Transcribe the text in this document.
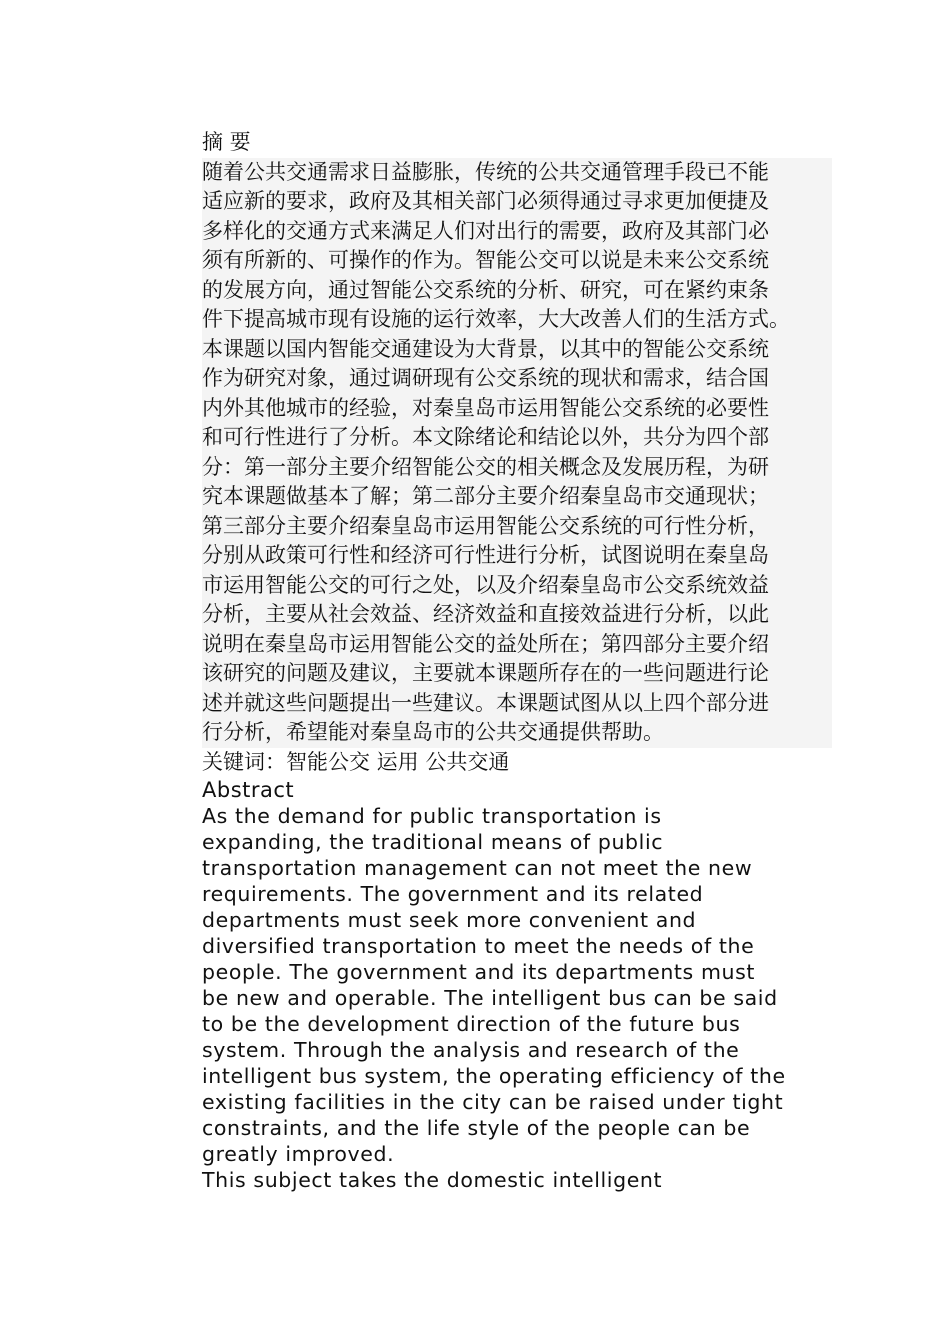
摘 要
随着公共交通需求日益膨胀，传统的公共交通管理手段已不能
适应新的要求，政府及其相关部门必须得通过寻求更加便捷及
多样化的交通方式来满足人们对出行的需要，政府及其部门必
须有所新的、可操作的作为。智能公交可以说是未来公交系统
的发展方向，通过智能公交系统的分析、研究，可在紧约束条
件下提高城市现有设施的运行效率，大大改善人们的生活方式。
本课题以国内智能交通建设为大背景，以其中的智能公交系统
作为研究对象，通过调研现有公交系统的现状和需求，结合国
内外其他城市的经验，对秦皇岛市运用智能公交系统的必要性
和可行性进行了分析。本文除绪论和结论以外，共分为四个部
分：第一部分主要介绍智能公交的相关概念及发展历程，为研
究本课题做基本了解；第二部分主要介绍秦皇岛市交通现状；
第三部分主要介绍秦皇岛市运用智能公交系统的可行性分析，
分别从政策可行性和经济可行性进行分析，试图说明在秦皇岛
市运用智能公交的可行之处，以及介绍秦皇岛市公交系统效益
分析，主要从社会效益、经济效益和直接效益进行分析，以此
说明在秦皇岛市运用智能公交的益处所在；第四部分主要介绍
该研究的问题及建议，主要就本课题所存在的一些问题进行论
述并就这些问题提出一些建议。本课题试图从以上四个部分进
行分析，希望能对秦皇岛市的公共交通提供帮助。
关键词：智能公交 运用 公共交通
Abstract
As the demand for public transportation is
expanding, the traditional means of public
transportation management can not meet the new
requirements. The government and its related
departments must seek more convenient and
diversified transportation to meet the needs of the
people. The government and its departments must
be new and operable. The intelligent bus can be said
to be the development direction of the future bus
system. Through the analysis and research of the
intelligent bus system, the operating efficiency of the
existing facilities in the city can be raised under tight
constraints, and the life style of the people can be
greatly improved.
This subject takes the domestic intelligent
